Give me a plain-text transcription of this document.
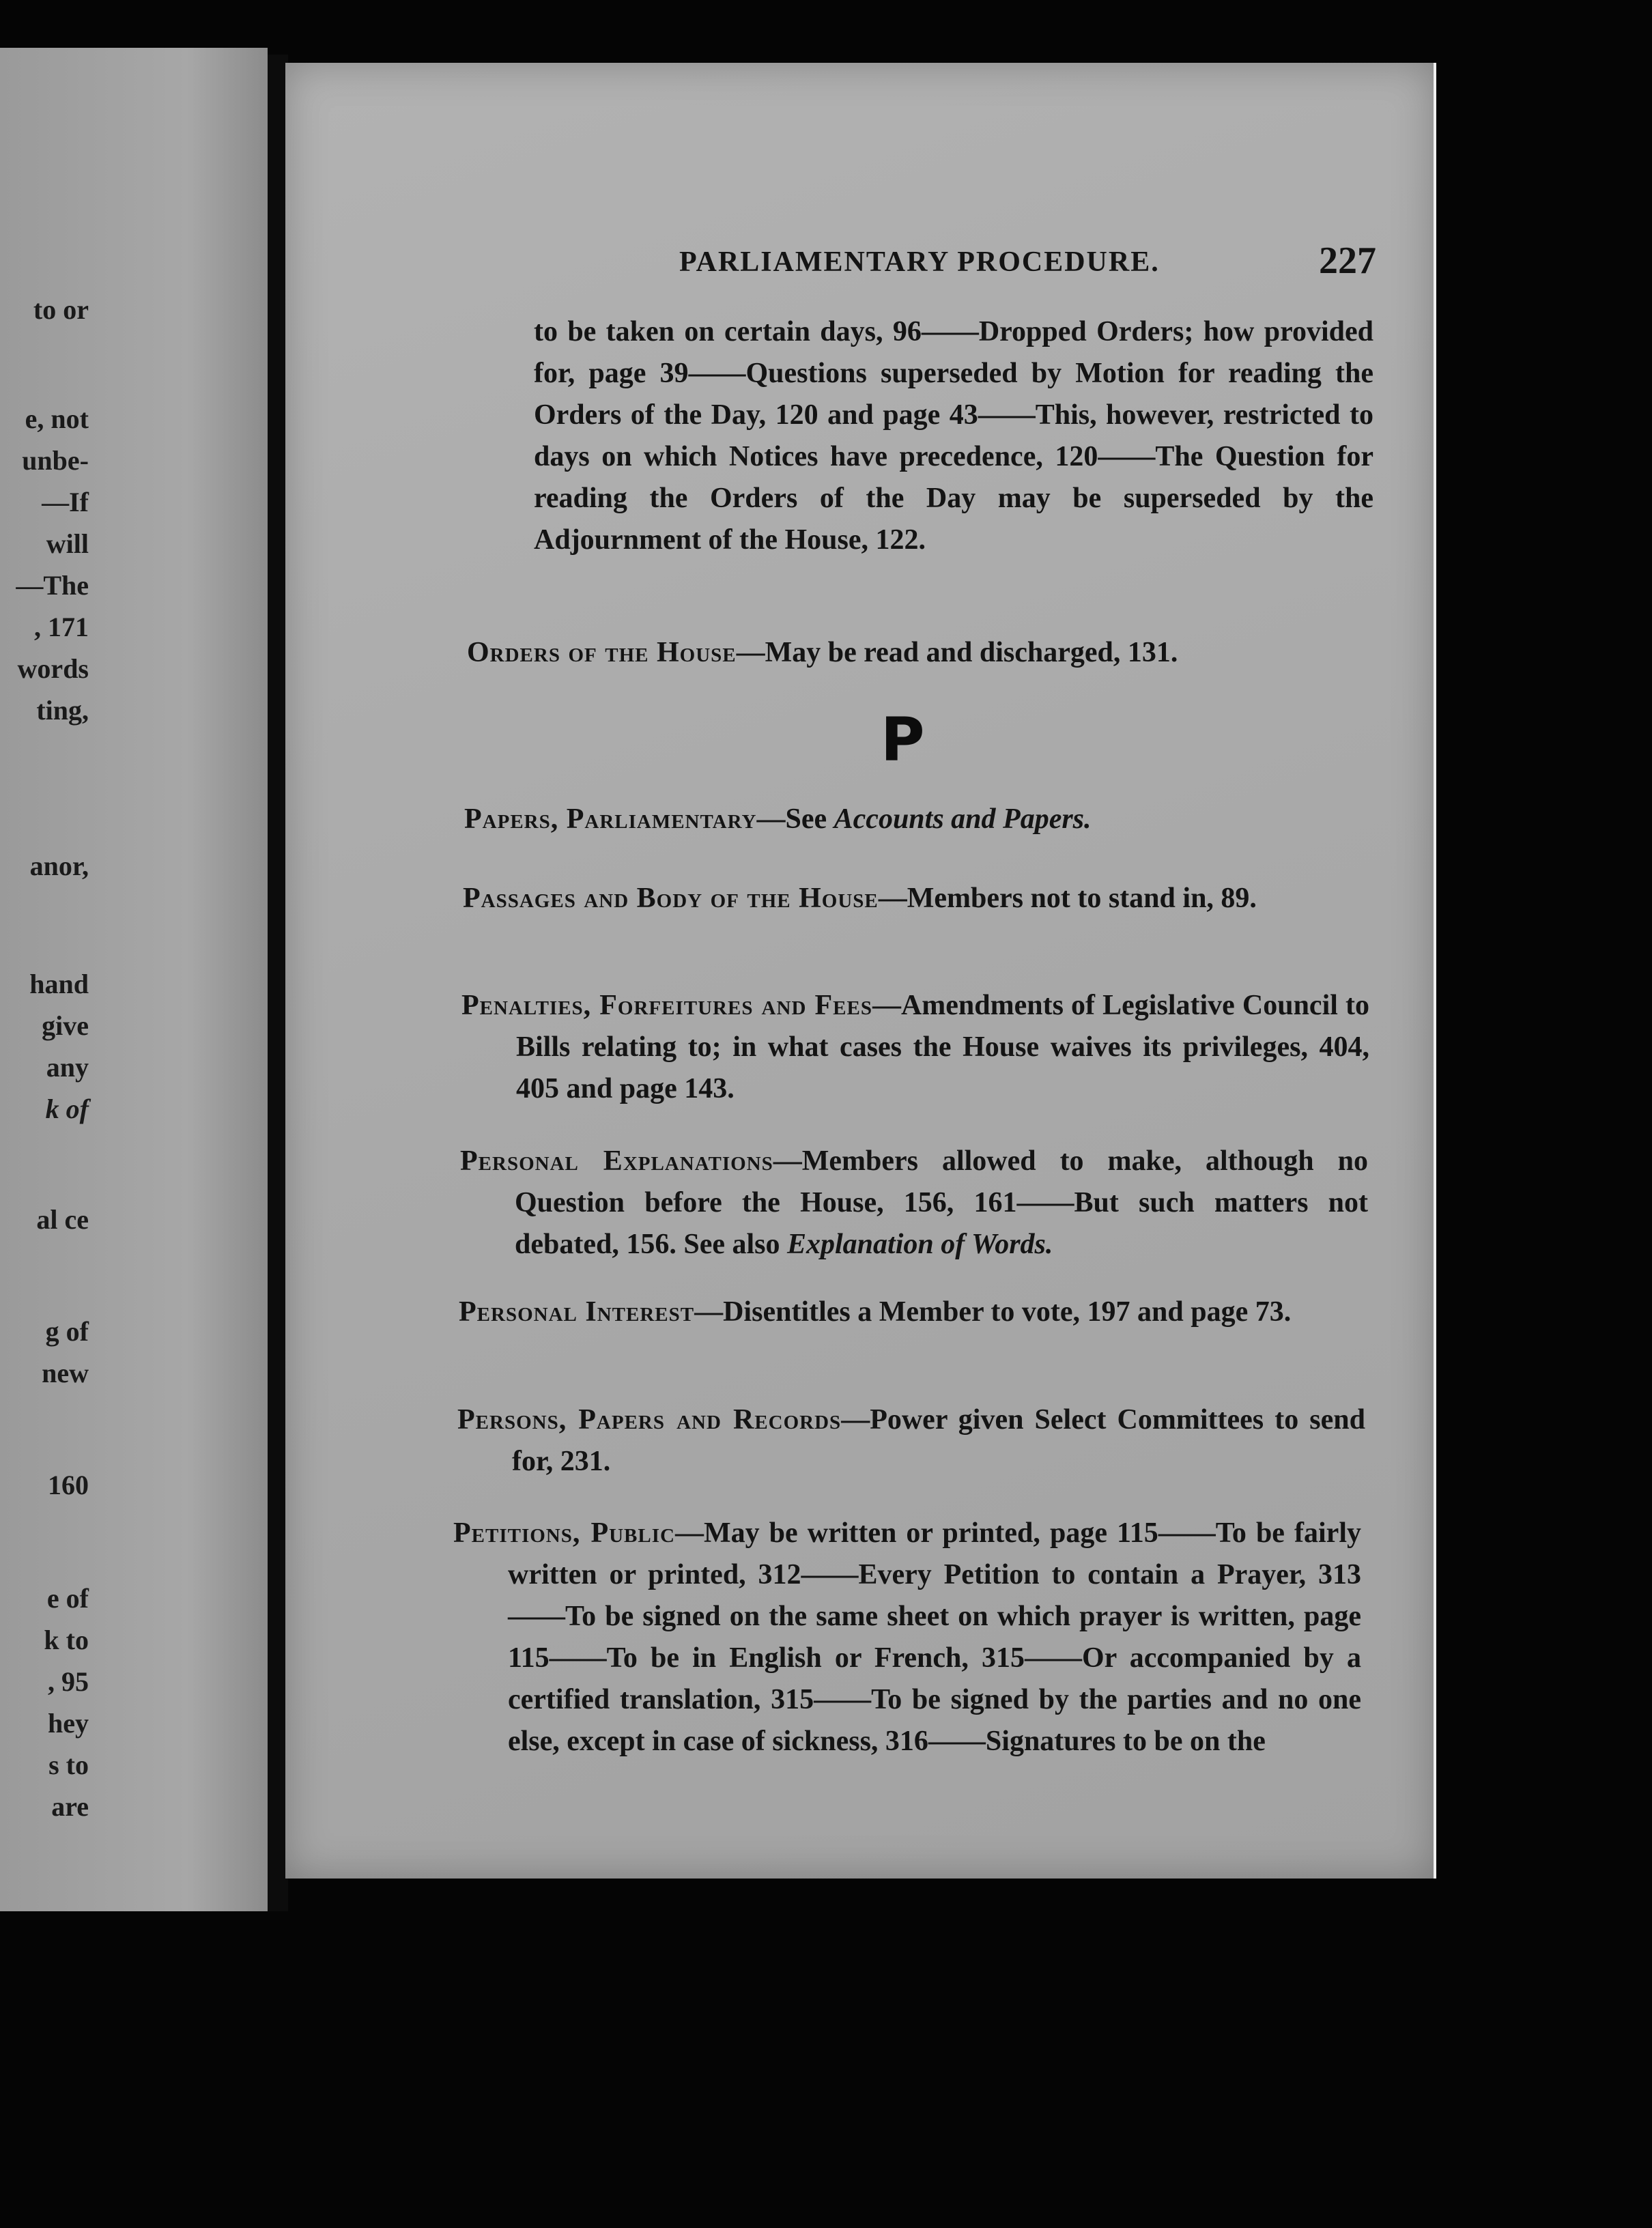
to or
e, not
unbe-
—If
will
—The
, 171
words
ting,
anor,
hand
give
any
k of
al ce
g of
new
160
e of
k to
, 95
hey
s to
are
PARLIAMENTARY PROCEDURE.	227
to be taken on certain days, 96——Dropped Orders; how provided for, page 39——Questions superseded by Motion for reading the Orders of the Day, 120 and page 43——This, however, restricted to days on which Notices have precedence, 120——The Question for reading the Orders of the Day may be superseded by the Adjournment of the House, 122.
Orders of the House—May be read and discharged, 131.
P
Papers, Parliamentary—See Accounts and Papers.
Passages and Body of the House—Members not to stand in, 89.
Penalties, Forfeitures and Fees—Amendments of Legislative Council to Bills relating to; in what cases the House waives its privileges, 404, 405 and page 143.
Personal Explanations—Members allowed to make, although no Question before the House, 156, 161——But such matters not debated, 156. See also Explanation of Words.
Personal Interest—Disentitles a Member to vote, 197 and page 73.
Persons, Papers and Records—Power given Select Committees to send for, 231.
Petitions, Public—May be written or printed, page 115——To be fairly written or printed, 312——Every Petition to contain a Prayer, 313——To be signed on the same sheet on which prayer is written, page 115——To be in English or French, 315——Or accompanied by a certified translation, 315——To be signed by the parties and no one else, except in case of sickness, 316——Signatures to be on the
